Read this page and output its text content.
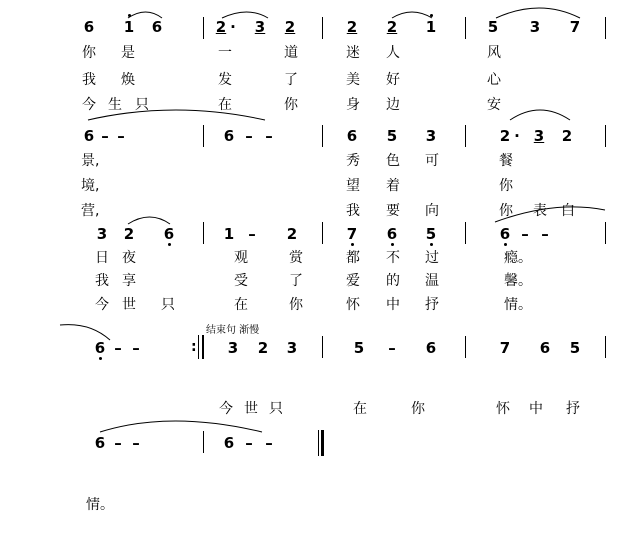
6 1 6	2 · 3 2	2 2 1	5 3 7
你 是	一	道	迷 人	风
我 焕	发	了	美 好	心
今 生 只	在	你	身 边	安
6 – –	6 – –	6 5 3	2 · 3 2
景,	秀 色 可	餐
境,	望 着	你
营,	我 要 向	你 表 白
3 2 6	1 – 2	7 6 5	6 – –
日 夜	观	赏	都 不 过	瘾。
我 享	受	了	爱 的 温	馨。
今 世 只	在	你	怀 中 抒	情。
结束句 渐慢
6 – –	: 3 2 3	5 – 6	7 6 5
今 世 只	在	你	怀 中 抒
6 – –	6 – –
情。
